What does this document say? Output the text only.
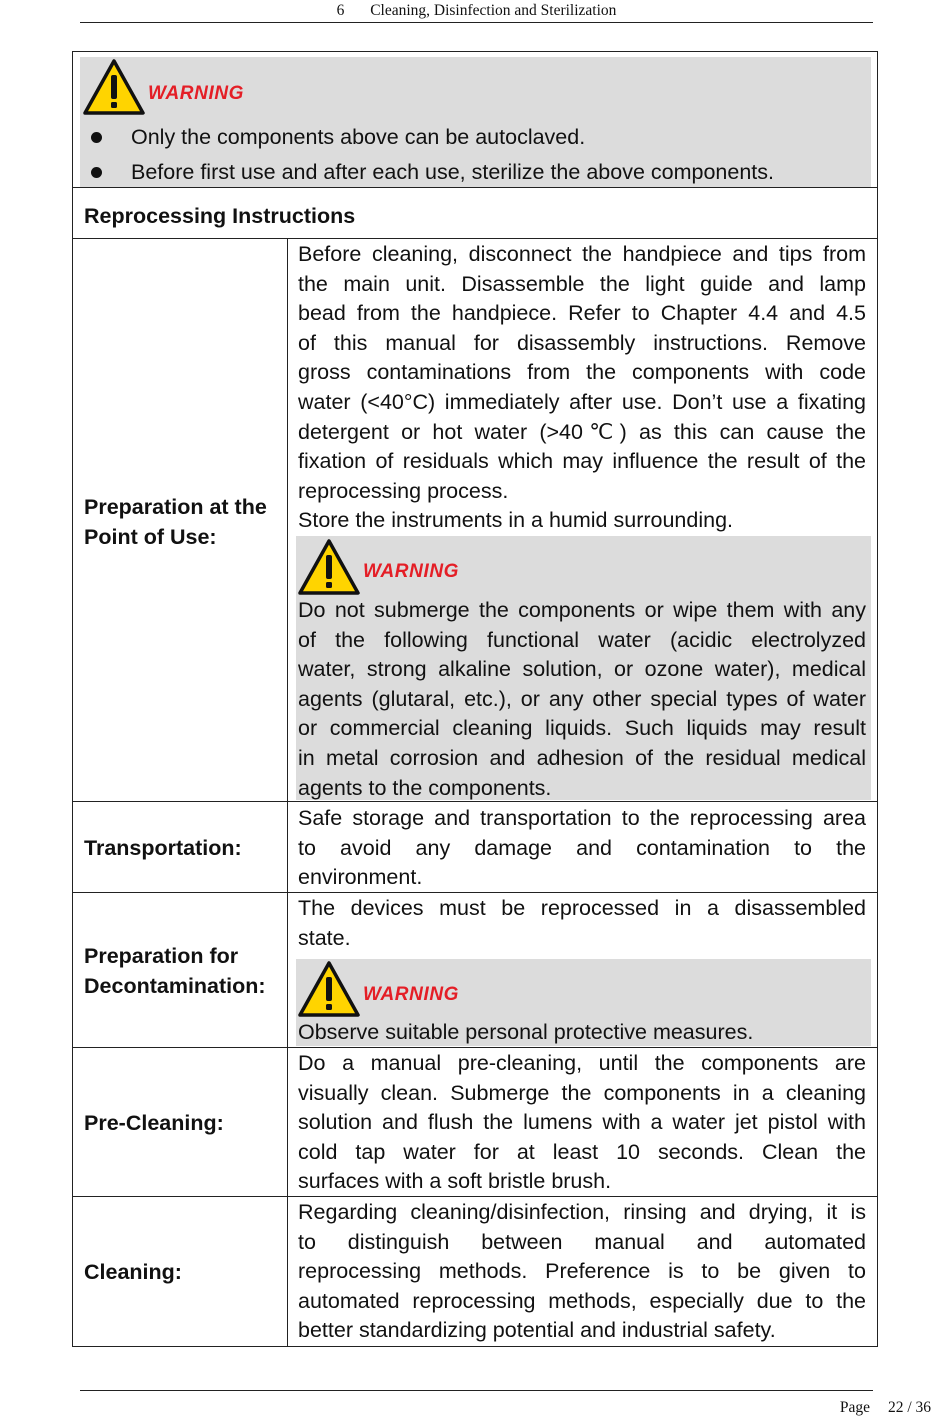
6 Cleaning, Disinfection and Sterilization
WARNING
Only the components above can be autoclaved.
Before first use and after each use, sterilize the above components.
Reprocessing Instructions
Preparation at the
Point of Use:
Before cleaning, disconnect the handpiece and tips from
the main unit. Disassemble the light guide and lamp
bead from the handpiece. Refer to Chapter 4.4 and 4.5
of this manual for disassembly instructions. Remove
gross contaminations from the components with code
water (<40°C) immediately after use. Don’t use a fixating
detergent or hot water (>40℃) as this can cause the
fixation of residuals which may influence the result of the
reprocessing process.
Store the instruments in a humid surrounding.
WARNING
Do not submerge the components or wipe them with any
of the following functional water (acidic electrolyzed
water, strong alkaline solution, or ozone water), medical
agents (glutaral, etc.), or any other special types of water
or commercial cleaning liquids. Such liquids may result
in metal corrosion and adhesion of the residual medical
agents to the components.
Transportation:
Safe storage and transportation to the reprocessing area
to avoid any damage and contamination to the
environment.
Preparation for
Decontamination:
The devices must be reprocessed in a disassembled
state.
WARNING
Observe suitable personal protective measures.
Pre-Cleaning:
Do a manual pre-cleaning, until the components are
visually clean. Submerge the components in a cleaning
solution and flush the lumens with a water jet pistol with
cold tap water for at least 10 seconds. Clean the
surfaces with a soft bristle brush.
Cleaning:
Regarding cleaning/disinfection, rinsing and drying, it is
to distinguish between manual and automated
reprocessing methods. Preference is to be given to
automated reprocessing methods, especially due to the
better standardizing potential and industrial safety.
Page 22 / 36
